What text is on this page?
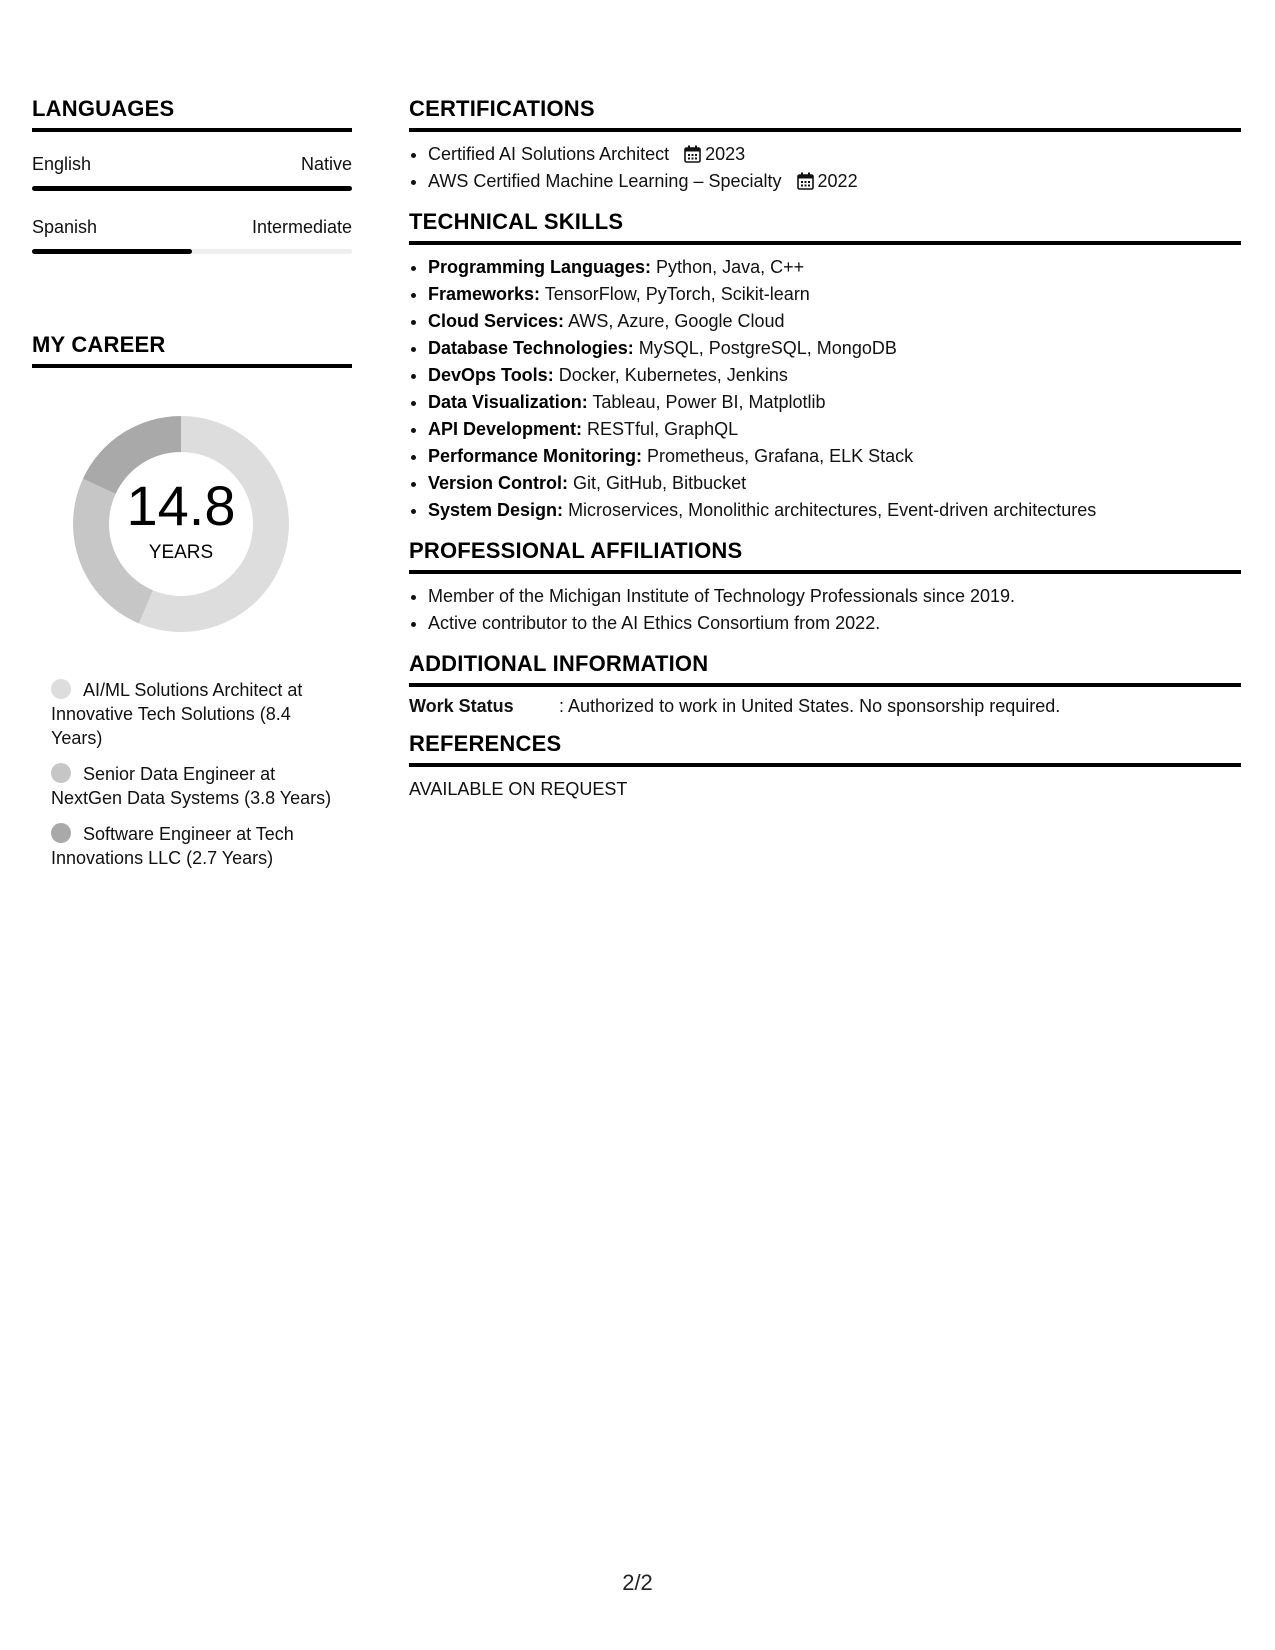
LANGUAGES
English	Native
Spanish	Intermediate
MY CAREER
14.8
YEARS
AI/ML Solutions Architect at Innovative Tech Solutions (8.4 Years)
Senior Data Engineer at NextGen Data Systems (3.8 Years)
Software Engineer at Tech Innovations LLC (2.7 Years)
CERTIFICATIONS
• Certified AI Solutions Architect 2023
• AWS Certified Machine Learning – Specialty 2022
TECHNICAL SKILLS
• Programming Languages: Python, Java, C++
• Frameworks: TensorFlow, PyTorch, Scikit-learn
• Cloud Services: AWS, Azure, Google Cloud
• Database Technologies: MySQL, PostgreSQL, MongoDB
• DevOps Tools: Docker, Kubernetes, Jenkins
• Data Visualization: Tableau, Power BI, Matplotlib
• API Development: RESTful, GraphQL
• Performance Monitoring: Prometheus, Grafana, ELK Stack
• Version Control: Git, GitHub, Bitbucket
• System Design: Microservices, Monolithic architectures, Event-driven architectures
PROFESSIONAL AFFILIATIONS
• Member of the Michigan Institute of Technology Professionals since 2019.
• Active contributor to the AI Ethics Consortium from 2022.
ADDITIONAL INFORMATION
Work Status	: Authorized to work in United States. No sponsorship required.
REFERENCES
AVAILABLE ON REQUEST
2/2
